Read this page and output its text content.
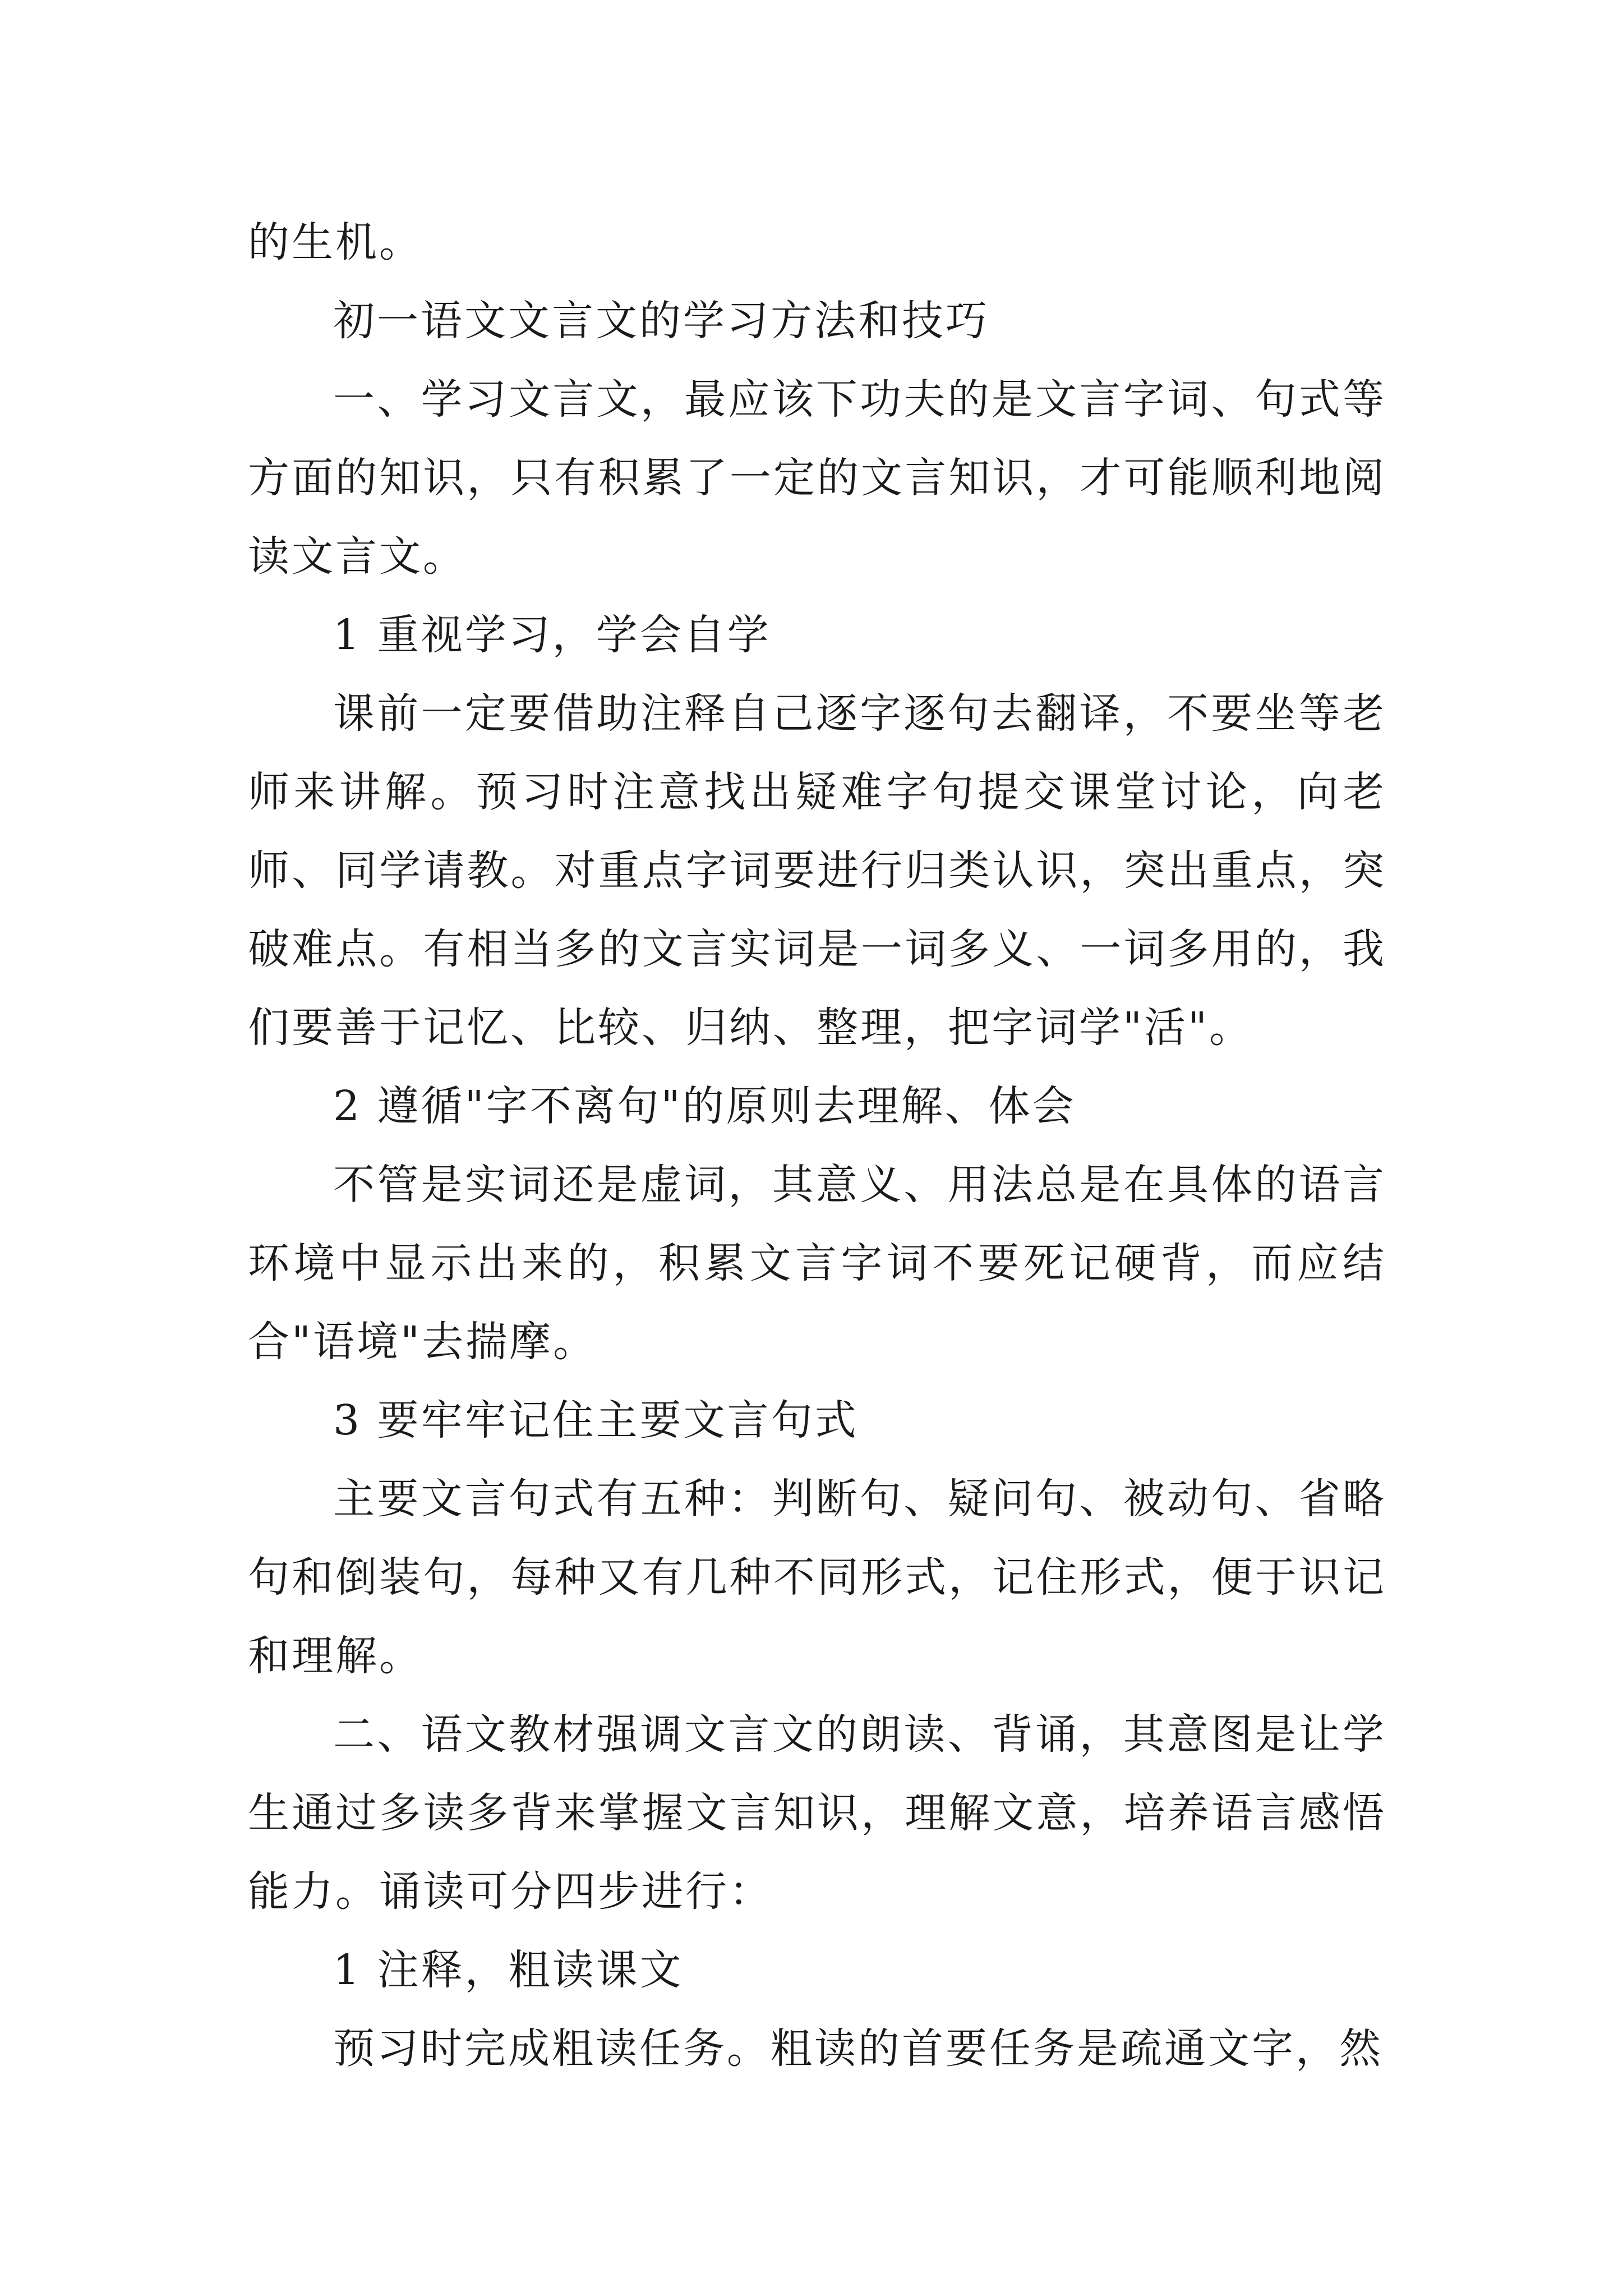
的生机。

初一语文文言文的学习方法和技巧

一、学习文言文，最应该下功夫的是文言字词、句式等方面的知识，只有积累了一定的文言知识，才可能顺利地阅读文言文。

1 重视学习，学会自学

课前一定要借助注释自己逐字逐句去翻译，不要坐等老师来讲解。预习时注意找出疑难字句提交课堂讨论，向老师、同学请教。对重点字词要进行归类认识，突出重点，突破难点。有相当多的文言实词是一词多义、一词多用的，我们要善于记忆、比较、归纳、整理，把字词学"活"。

2 遵循"字不离句"的原则去理解、体会

不管是实词还是虚词，其意义、用法总是在具体的语言环境中显示出来的，积累文言字词不要死记硬背，而应结合"语境"去揣摩。

3 要牢牢记住主要文言句式

主要文言句式有五种：判断句、疑问句、被动句、省略句和倒装句，每种又有几种不同形式，记住形式，便于识记和理解。

二、语文教材强调文言文的朗读、背诵，其意图是让学生通过多读多背来掌握文言知识，理解文意，培养语言感悟能力。诵读可分四步进行：

1 注释，粗读课文

预习时完成粗读任务。粗读的首要任务是疏通文字，然
